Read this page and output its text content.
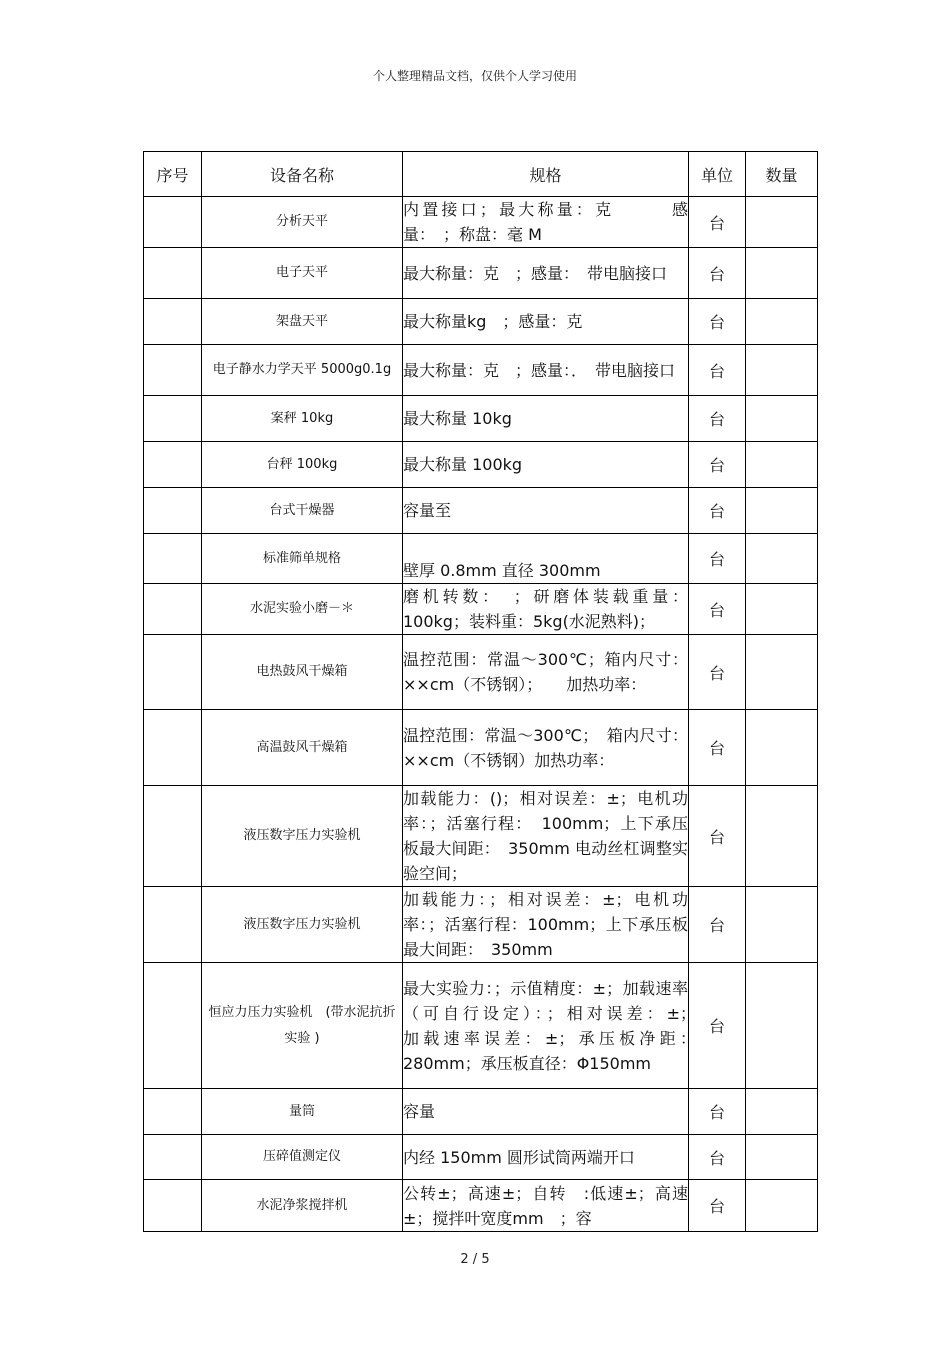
个人整理精品文档，仅供个人学习使用
序号	设备名称	规格	单位	数量
	分析天平	内置接口；最大称量：克　　　感量：　；称盘：毫 M	台	
	电子天平	最大称量：克　；感量：　带电脑接口	台	
	架盘天平	最大称量kg　；感量：克	台	
	电子静水力学天平 5000g0.1g	最大称量：克　；感量：．　带电脑接口	台	
	案秤 10kg	最大称量 10kg	台	
	台秤 100kg	最大称量 100kg	台	
	台式干燥器	容量至	台	
	标准筛单规格	壁厚 0.8mm 直径 300mm	台	
	水泥实验小磨－＊	磨机转数：　；研磨体装载重量：100kg；装料重：5kg(水泥熟料)；	台	
	电热鼓风干燥箱	温控范围：常温～300℃；箱内尺寸：××cm（不锈钢）；　　加热功率：	台	
	高温鼓风干燥箱	温控范围：常温～300℃；　箱内尺寸：××cm（不锈钢）加热功率：	台	
	液压数字压力实验机	加载能力：()；相对误差：±；电机功率：；活塞行程：　100mm；上下承压板最大间距：　350mm 电动丝杠调整实验空间；	台	
	液压数字压力实验机	加载能力：；相对误差：±；电机功率：；活塞行程：100mm；上下承压板最大间距：　350mm	台	
	恒应力压力实验机　(带水泥抗折实验 )	最大实验力：；示值精度：±；加载速率（可自行设定）：；相对误差：±；　　　　加载速率误差：±；承压板净距：　280mm；承压板直径：Φ150mm	台	
	量筒	容量	台	
	压碎值测定仪	内经 150mm 圆形试筒两端开口	台	
	水泥净浆搅拌机	公转±；高速±；自转　:低速±；高速±；搅拌叶宽度mm　；容	台	
2 / 5
